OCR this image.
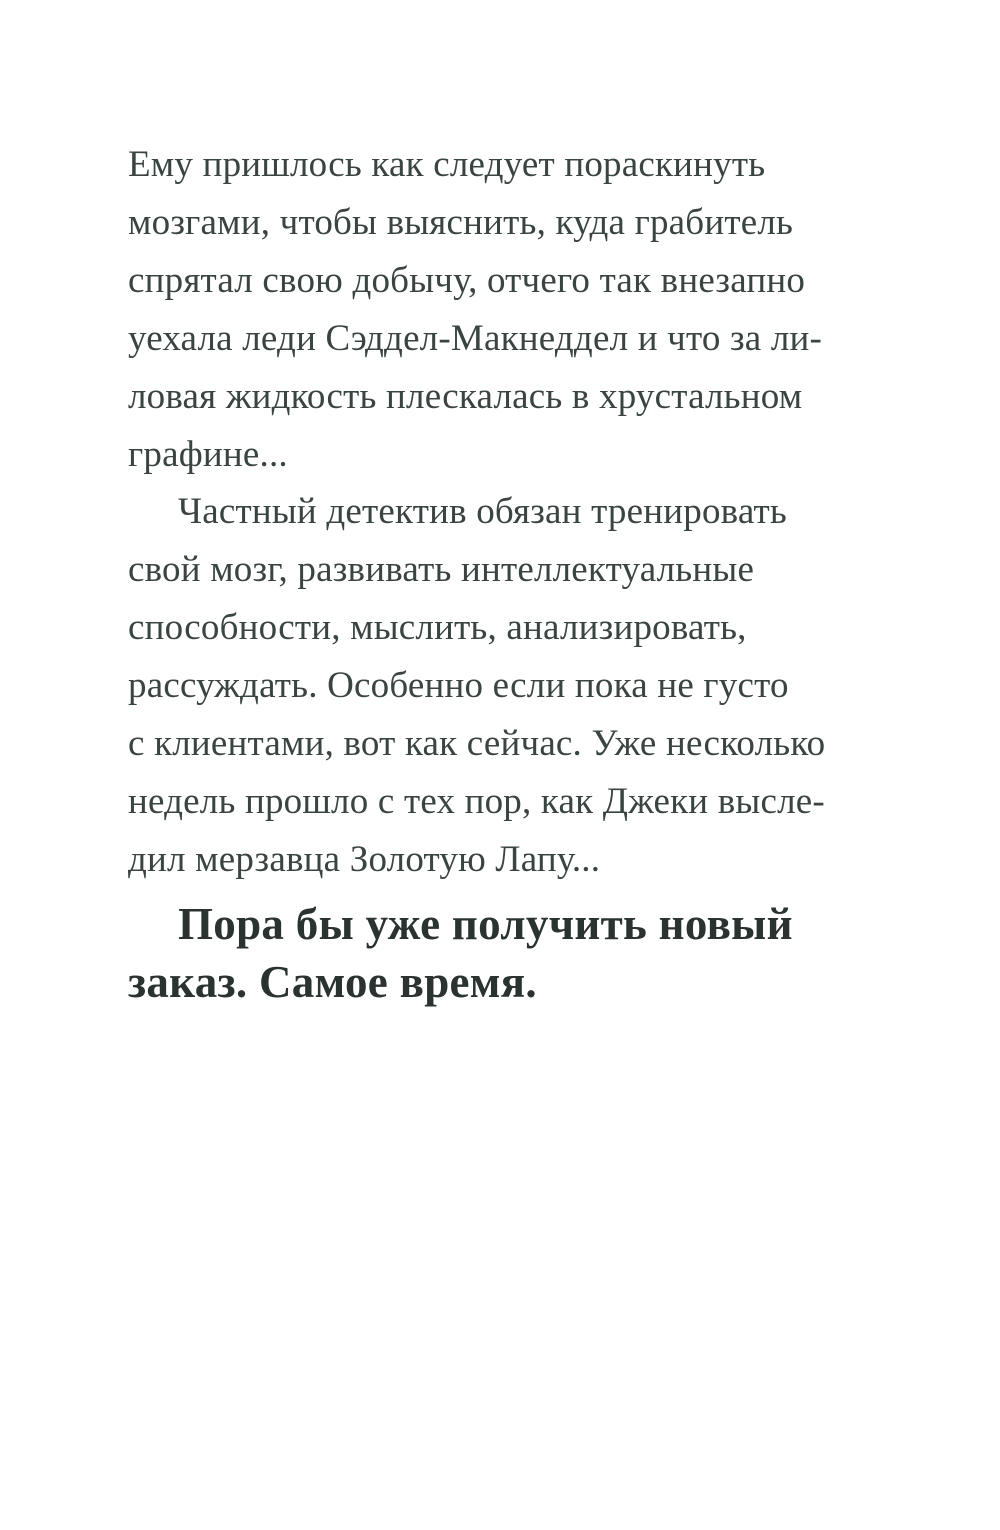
Ему пришлось как следует пораскинуть
мозгами, чтобы выяснить, куда грабитель
спрятал свою добычу, отчего так внезапно
уехала леди Сэддел-Макнеддел и что за ли-
ловая жидкость плескалась в хрустальном
графине...
Частный детектив обязан тренировать
свой мозг, развивать интеллектуальные
способности, мыслить, анализировать,
рассуждать. Особенно если пока не густо
с клиентами, вот как сейчас. Уже несколько
недель прошло с тех пор, как Джеки высле-
дил мерзавца Золотую Лапу...
Пора бы уже получить новый
заказ. Самое время.
